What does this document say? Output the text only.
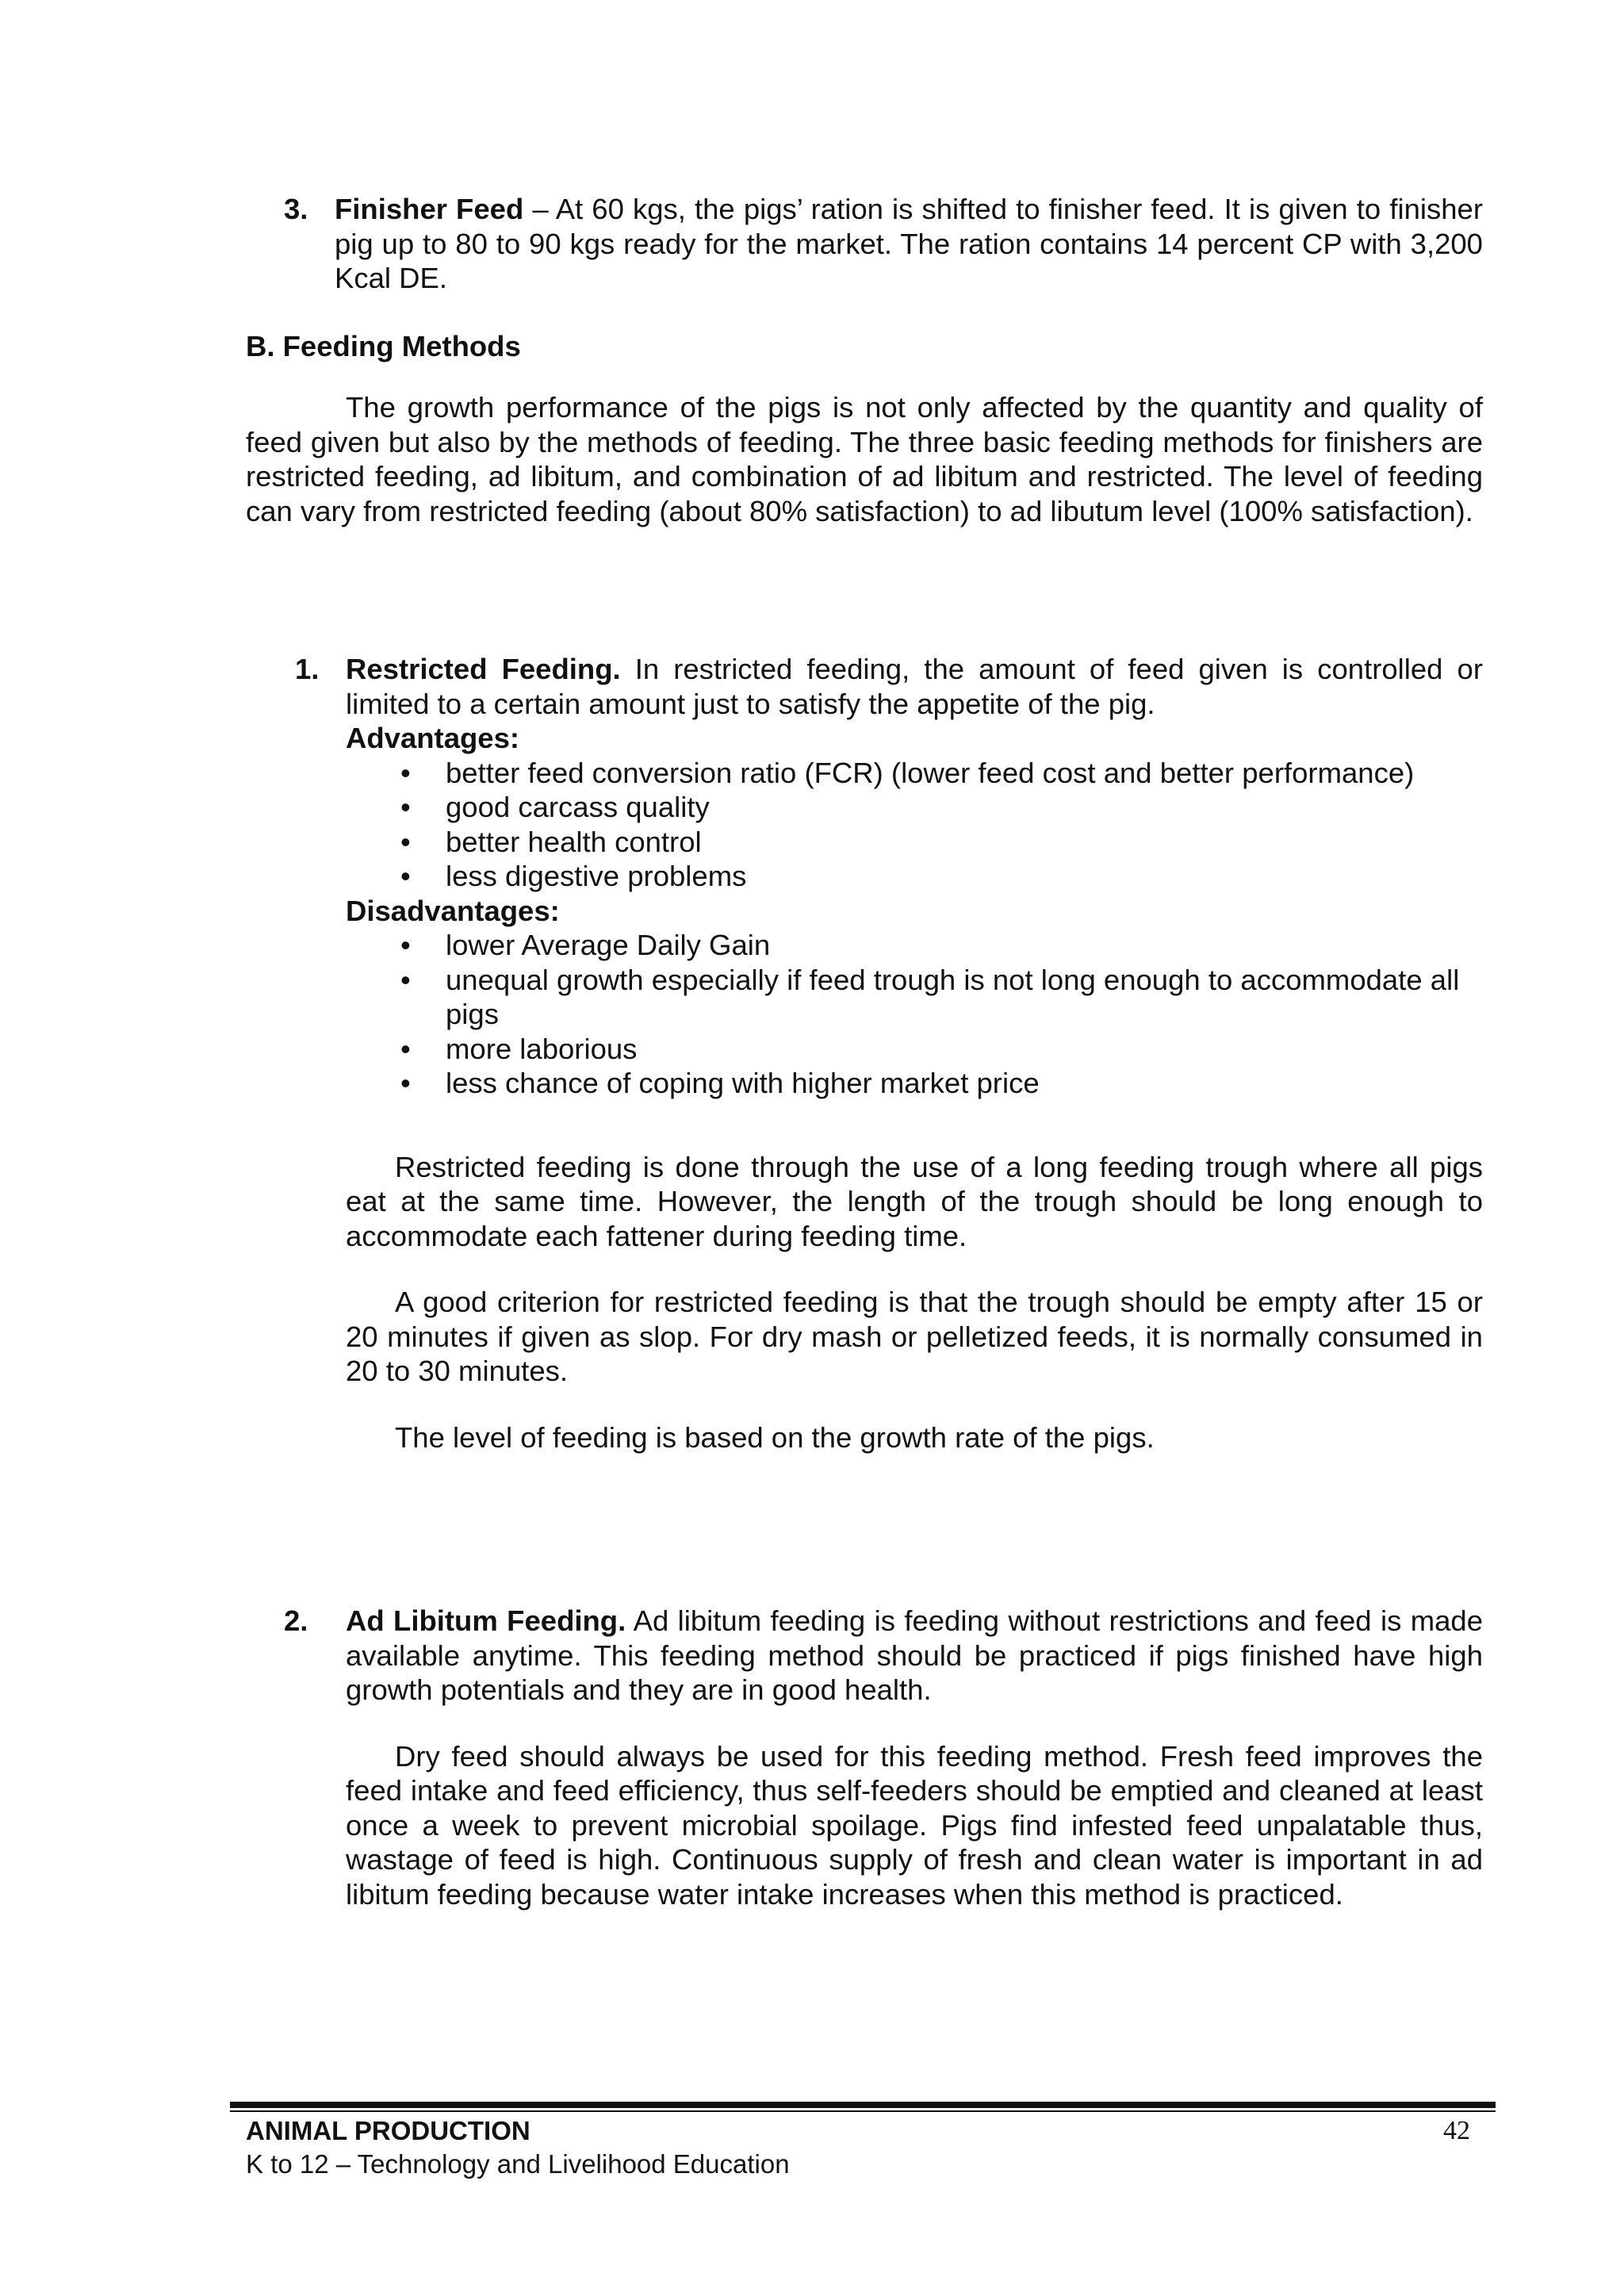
3. Finisher Feed – At 60 kgs, the pigs’ ration is shifted to finisher feed. It is given to finisher pig up to 80 to 90 kgs ready for the market. The ration contains 14 percent CP with 3,200 Kcal DE.
B. Feeding Methods
The growth performance of the pigs is not only affected by the quantity and quality of feed given but also by the methods of feeding. The three basic feeding methods for finishers are restricted feeding, ad libitum, and combination of ad libitum and restricted. The level of feeding can vary from restricted feeding (about 80% satisfaction) to ad libutum level (100% satisfaction).
1. Restricted Feeding. In restricted feeding, the amount of feed given is controlled or limited to a certain amount just to satisfy the appetite of the pig.

Advantages:

• better feed conversion ratio (FCR) (lower feed cost and better performance)
• good carcass quality
• better health control
• less digestive problems

Disadvantages:

• lower Average Daily Gain
• unequal growth especially if feed trough is not long enough to accommodate all pigs
• more laborious
• less chance of coping with higher market price

Restricted feeding is done through the use of a long feeding trough where all pigs eat at the same time. However, the length of the trough should be long enough to accommodate each fattener during feeding time.

A good criterion for restricted feeding is that the trough should be empty after 15 or 20 minutes if given as slop. For dry mash or pelletized feeds, it is normally consumed in 20 to 30 minutes.

The level of feeding is based on the growth rate of the pigs.

2. Ad Libitum Feeding. Ad libitum feeding is feeding without restrictions and feed is made available anytime. This feeding method should be practiced if pigs finished have high growth potentials and they are in good health.

Dry feed should always be used for this feeding method. Fresh feed improves the feed intake and feed efficiency, thus self-feeders should be emptied and cleaned at least once a week to prevent microbial spoilage. Pigs find infested feed unpalatable thus, wastage of feed is high. Continuous supply of fresh and clean water is important in ad libitum feeding because water intake increases when this method is practiced.

ANIMAL PRODUCTION
K to 12 – Technology and Livelihood Education
42
